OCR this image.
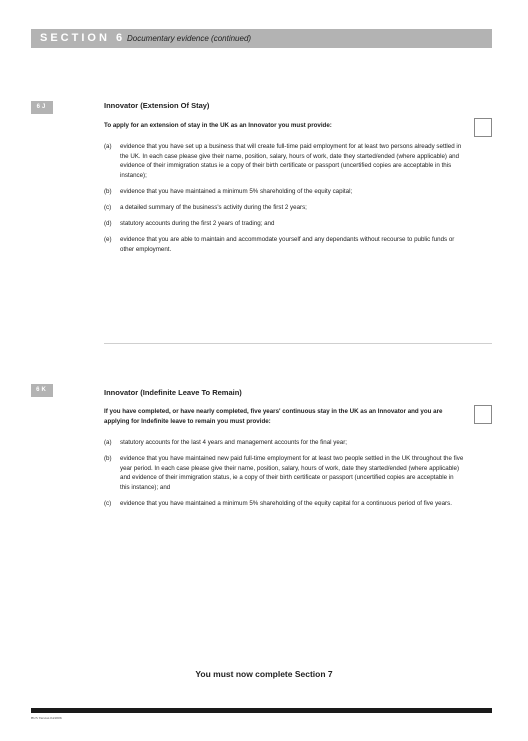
SECTION 6 Documentary evidence (continued)
6J	Innovator (Extension Of Stay)
To apply for an extension of stay in the UK as an Innovator you must provide:
(a) evidence that you have set up a business that will create full-time paid employment for at least two persons already settled in the UK. In each case please give their name, position, salary, hours of work, date they started/ended (where applicable) and evidence of their immigration status ie a copy of their birth certificate or passport (uncertified copies are acceptable in this instance);
(b) evidence that you have maintained a minimum 5% shareholding of the equity capital;
(c) a detailed summary of the business's activity during the first 2 years;
(d) statutory accounts during the first 2 years of trading; and
(e) evidence that you are able to maintain and accommodate yourself and any dependants without recourse to public funds or other employment.
6K	Innovator (Indefinite Leave To Remain)
If you have completed, or have nearly completed, five years' continuous stay in the UK as an Innovator and you are applying for Indefinite leave to remain you must provide:
(a) statutory accounts for the last 4 years and management accounts for the final year;
(b) evidence that you have maintained new paid full-time employment for at least two people settled in the UK throughout the five year period. In each case please give their name, position, salary, hours of work, date they started/ended (where applicable) and evidence of their immigration status, ie a copy of their birth certificate or passport (uncertified copies are acceptable in this instance); and
(c) evidence that you have maintained a minimum 5% shareholding of the equity capital for a continuous period of five years.
You must now complete Section 7
BUS Version 04/2006
